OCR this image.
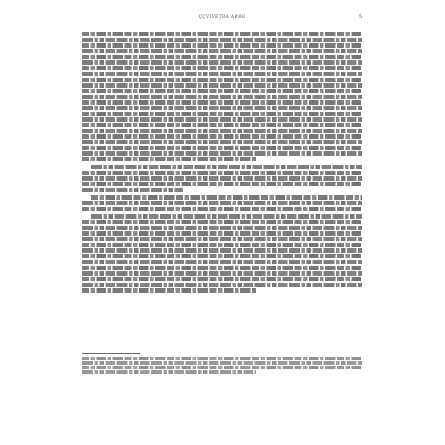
ÇÇVIVETRA ARRE	5
